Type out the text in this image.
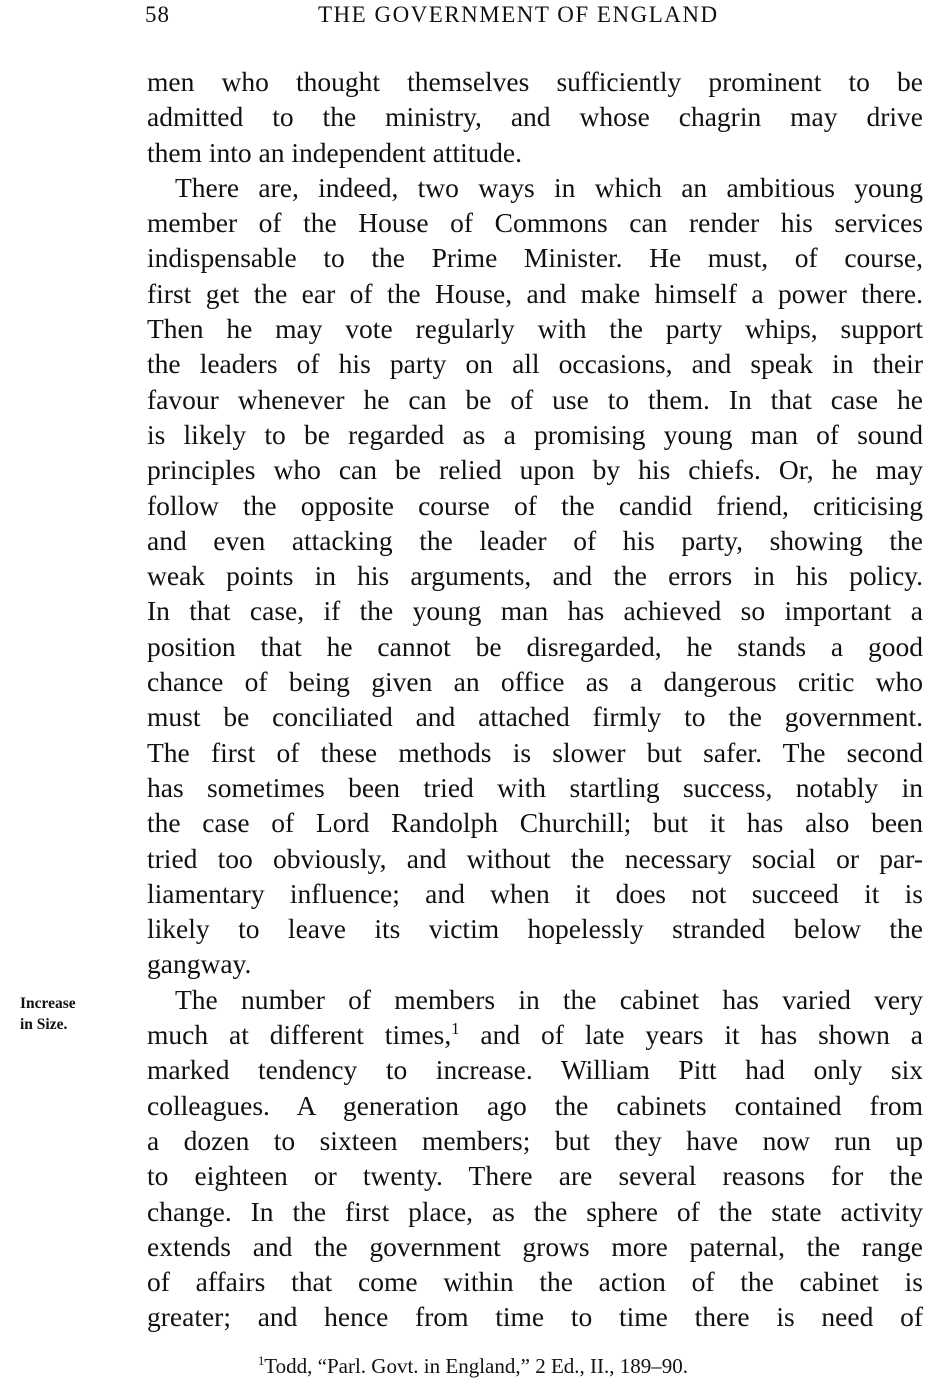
58	THE GOVERNMENT OF ENGLAND
Increase
in Size.
men who thought themselves sufficiently prominent to be
admitted to the ministry, and whose chagrin may drive
them into an independent attitude.
There are, indeed, two ways in which an ambitious young
member of the House of Commons can render his services
indispensable to the Prime Minister. He must, of course,
first get the ear of the House, and make himself a power there.
Then he may vote regularly with the party whips, support
the leaders of his party on all occasions, and speak in their
favour whenever he can be of use to them. In that case he
is likely to be regarded as a promising young man of sound
principles who can be relied upon by his chiefs. Or, he may
follow the opposite course of the candid friend, criticising
and even attacking the leader of his party, showing the
weak points in his arguments, and the errors in his policy.
In that case, if the young man has achieved so important a
position that he cannot be disregarded, he stands a good
chance of being given an office as a dangerous critic who
must be conciliated and attached firmly to the government.
The first of these methods is slower but safer. The second
has sometimes been tried with startling success, notably in
the case of Lord Randolph Churchill; but it has also been
tried too obviously, and without the necessary social or par-
liamentary influence; and when it does not succeed it is
likely to leave its victim hopelessly stranded below the
gangway.
The number of members in the cabinet has varied very
much at different times,$^1$ and of late years it has shown a
marked tendency to increase. William Pitt had only six
colleagues. A generation ago the cabinets contained from
a dozen to sixteen members; but they have now run up
to eighteen or twenty. There are several reasons for the
change. In the first place, as the sphere of the state activity
extends and the government grows more paternal, the range
of affairs that come within the action of the cabinet is
greater; and hence from time to time there is need of
$^1$Todd, “Parl. Govt. in England,” 2 Ed., II., 189–90.
